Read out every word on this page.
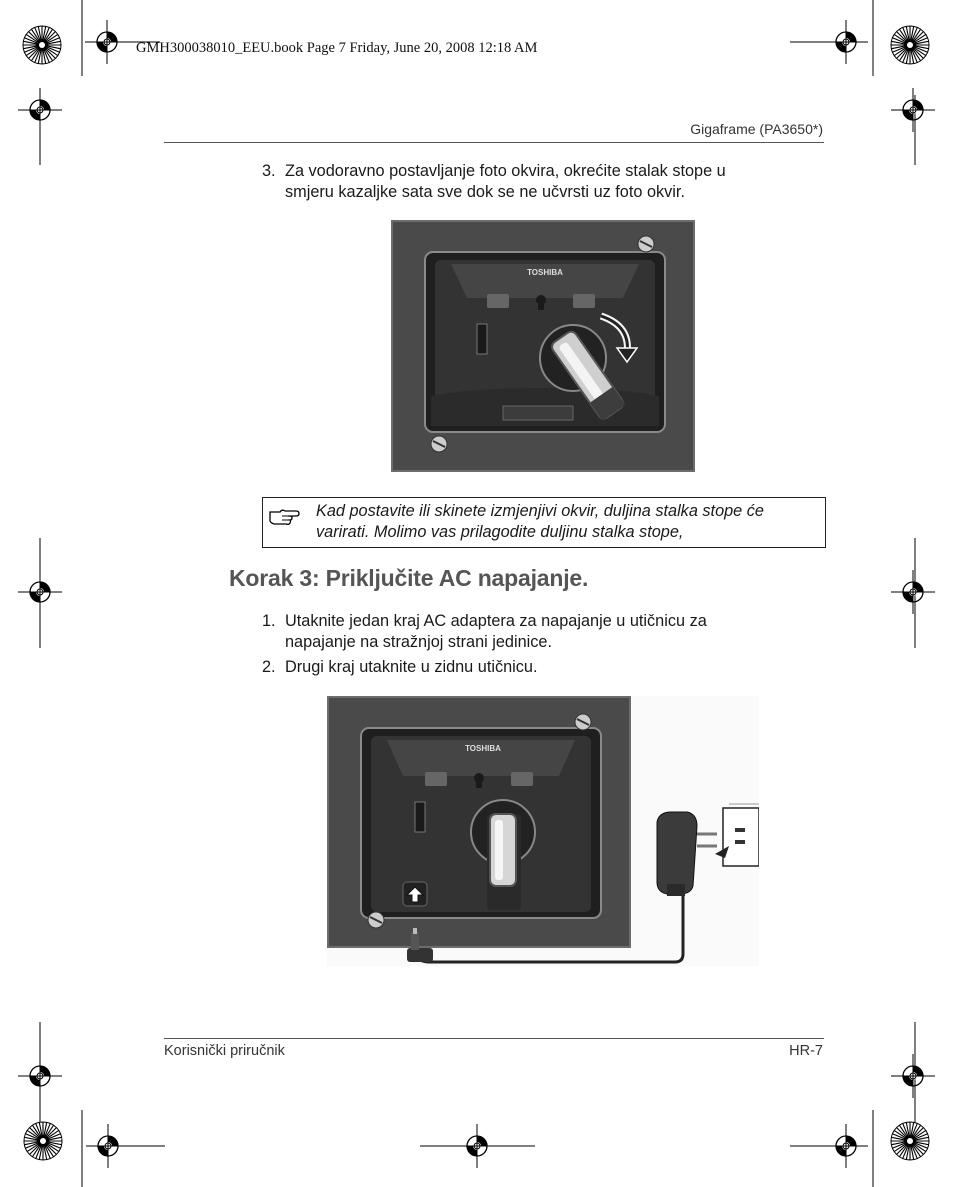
GMH300038010_EEU.book Page 7 Friday, June 20, 2008 12:18 AM
Gigaframe (PA3650*)
3. Za vodoravno postavljanje foto okvira, okrećite stalak stope u
smjeru kazaljke sata sve dok se ne učvrsti uz foto okvir.
TOSHIBA
Kad postavite ili skinete izmjenjivi okvir, duljina stalka stope će
varirati. Molimo vas prilagodite duljinu stalka stope,
Korak 3: Priključite AC napajanje.
1. Utaknite jedan kraj AC adaptera za napajanje u utičnicu za
napajanje na stražnjoj strani jedinice.
2. Drugi kraj utaknite u zidnu utičnicu.
TOSHIBA
Korisnički priručnik	HR-7
